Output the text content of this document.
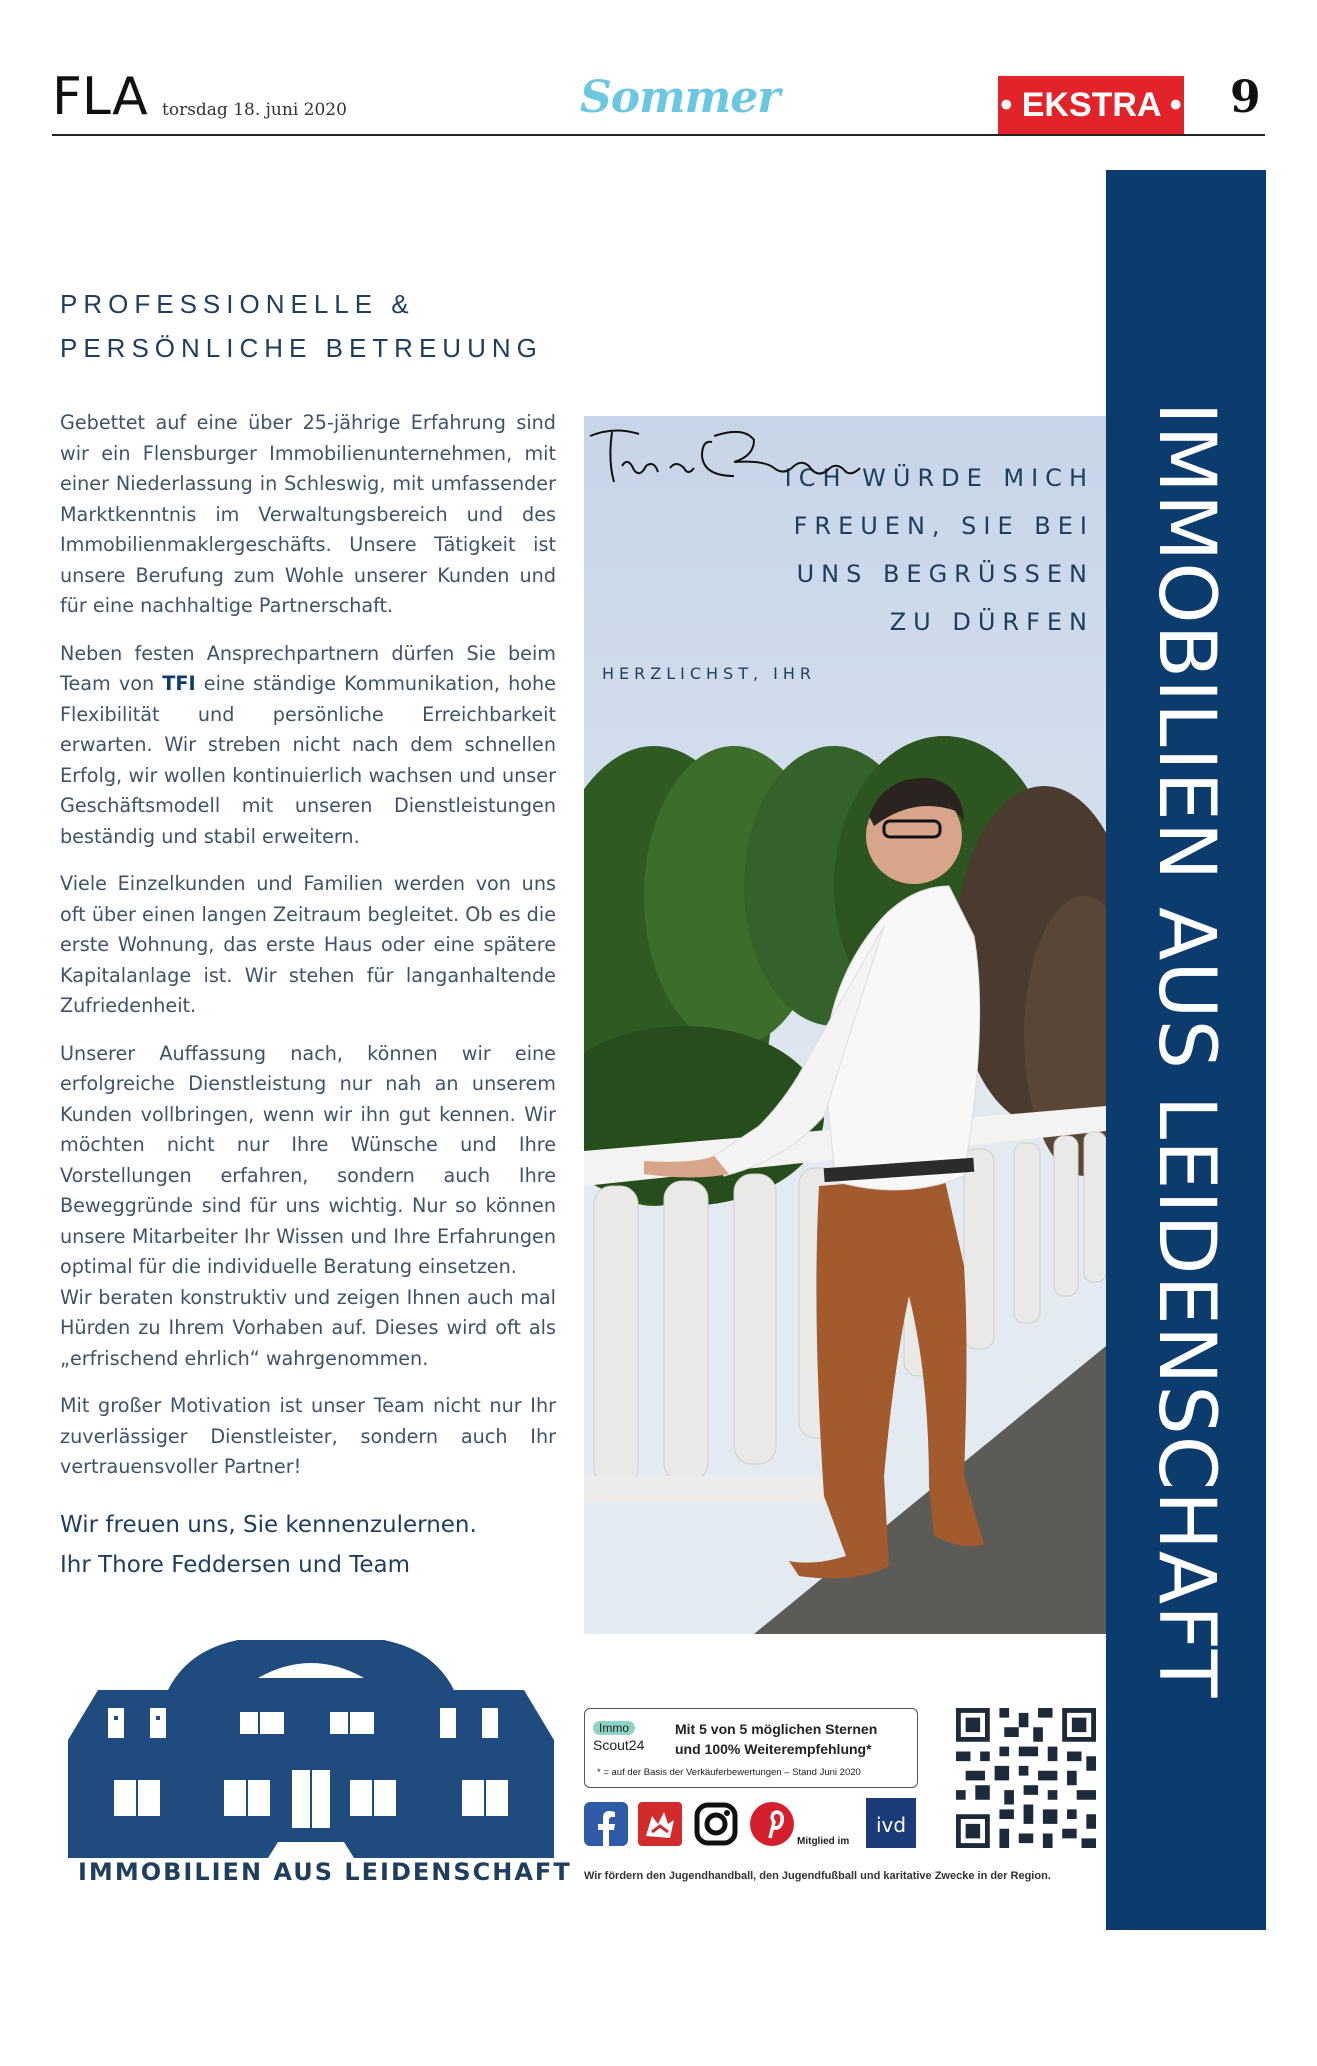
FLA torsdag 18. juni 2020	Sommer	• EKSTRA • 9
IMMOBILIEN AUS LEIDENSCHAFT
PROFESSIONELLE &
PERSÖNLICHE BETREUUNG

Gebettet auf eine über 25-jährige Erfahrung sind wir ein Flensburger Immobilienunternehmen, mit einer Niederlassung in Schleswig, mit umfassender Marktkenntnis im Verwaltungsbereich und des Immobilienmaklergeschäfts. Unsere Tätigkeit ist unsere Berufung zum Wohle unserer Kunden und für eine nachhaltige Partnerschaft.

Neben festen Ansprechpartnern dürfen Sie beim Team von TFI eine ständige Kommunikation, hohe Flexibilität und persönliche Erreichbarkeit erwarten. Wir streben nicht nach dem schnellen Erfolg, wir wollen kontinuierlich wachsen und unser Geschäftsmodell mit unseren Dienstleistungen beständig und stabil erweitern.

Viele Einzelkunden und Familien werden von uns oft über einen langen Zeitraum begleitet. Ob es die erste Wohnung, das erste Haus oder eine spätere Kapitalanlage ist. Wir stehen für langanhaltende Zufriedenheit.

Unserer Auffassung nach, können wir eine erfolgreiche Dienstleistung nur nah an unserem Kunden vollbringen, wenn wir ihn gut kennen. Wir möchten nicht nur Ihre Wünsche und Ihre Vorstellungen erfahren, sondern auch Ihre Beweggründe sind für uns wichtig. Nur so können unsere Mitarbeiter Ihr Wissen und Ihre Erfahrungen optimal für die individuelle Beratung einsetzen.

Wir beraten konstruktiv und zeigen Ihnen auch mal Hürden zu Ihrem Vorhaben auf. Dieses wird oft als „erfrischend ehrlich“ wahrgenommen.

Mit großer Motivation ist unser Team nicht nur Ihr zuverlässiger Dienstleister, sondern auch Ihr vertrauensvoller Partner!

Wir freuen uns, Sie kennenzulernen.
Ihr Thore Feddersen und Team
ICH WÜRDE MICH
FREUEN, SIE BEI
UNS BEGRÜSSEN
ZU DÜRFEN
HERZLICHST, IHR
IMMOBILIEN AUS LEIDENSCHAFT
Immo
Scout24
Mit 5 von 5 möglichen Sternen
und 100% Weiterempfehlung*
* = auf der Basis der Verkäuferbewertungen – Stand Juni 2020
Mitglied im
ivd
Wir fördern den Jugendhandball, den Jugendfußball und karitative Zwecke in der Region.
